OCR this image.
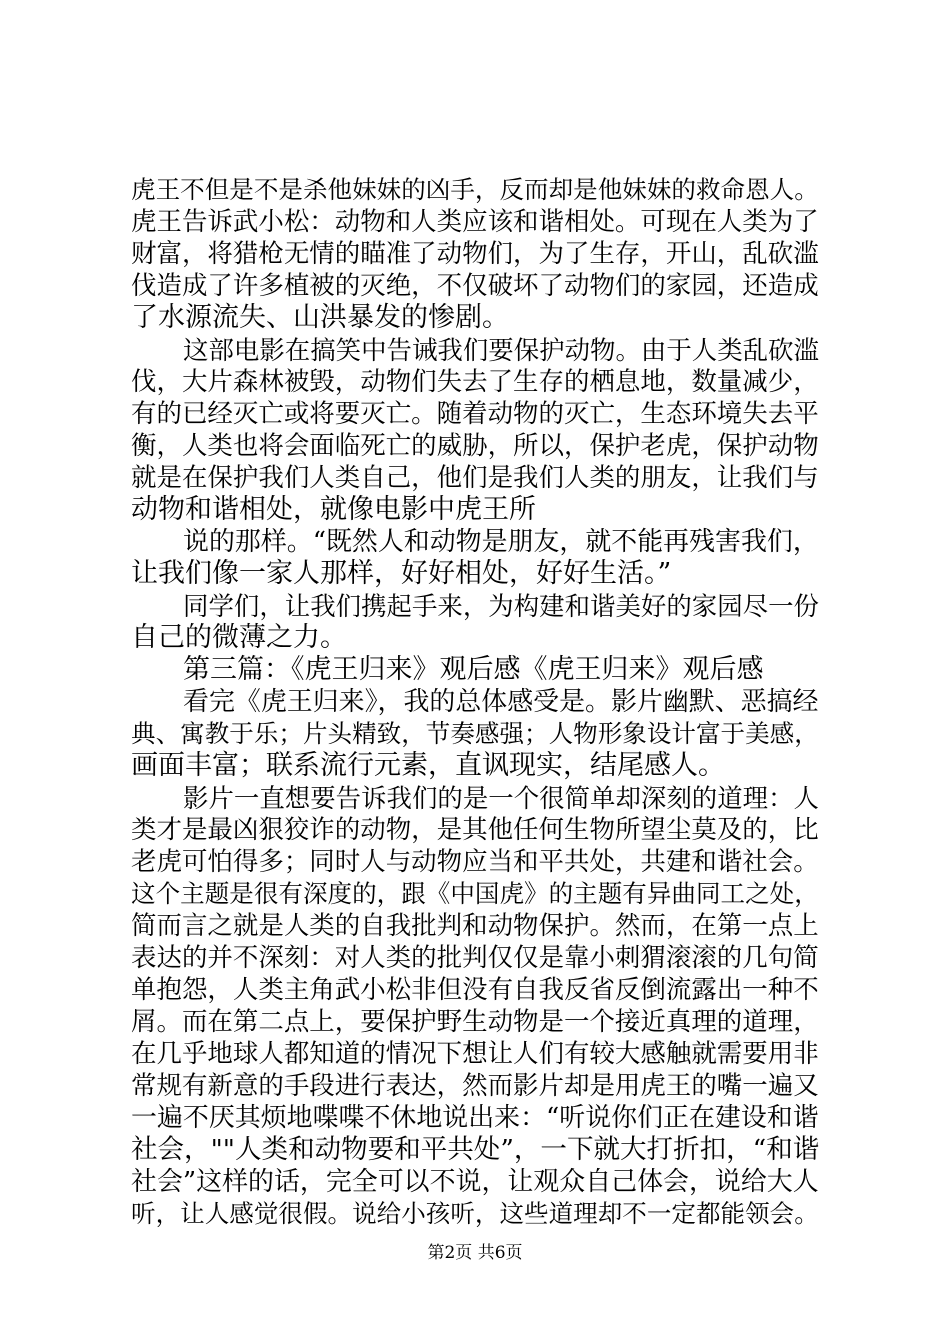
虎王不但是不是杀他妹妹的凶手，反而却是他妹妹的救命恩人。
虎王告诉武小松：动物和人类应该和谐相处。可现在人类为了
财富，将猎枪无情的瞄准了动物们，为了生存，开山，乱砍滥
伐造成了许多植被的灭绝，不仅破坏了动物们的家园，还造成
了水源流失、山洪暴发的惨剧。
这部电影在搞笑中告诫我们要保护动物。由于人类乱砍滥
伐，大片森林被毁，动物们失去了生存的栖息地，数量减少，
有的已经灭亡或将要灭亡。随着动物的灭亡，生态环境失去平
衡，人类也将会面临死亡的威胁，所以，保护老虎，保护动物
就是在保护我们人类自己，他们是我们人类的朋友，让我们与
动物和谐相处，就像电影中虎王所
说的那样。“既然人和动物是朋友，就不能再残害我们，
让我们像一家人那样，好好相处，好好生活。”
同学们，让我们携起手来，为构建和谐美好的家园尽一份
自己的微薄之力。
第三篇：《虎王归来》观后感《虎王归来》观后感
看完《虎王归来》，我的总体感受是。影片幽默、恶搞经
典、寓教于乐；片头精致，节奏感强；人物形象设计富于美感，
画面丰富；联系流行元素，直讽现实，结尾感人。
影片一直想要告诉我们的是一个很简单却深刻的道理：人
类才是最凶狠狡诈的动物，是其他任何生物所望尘莫及的，比
老虎可怕得多；同时人与动物应当和平共处，共建和谐社会。
这个主题是很有深度的，跟《中国虎》的主题有异曲同工之处，
简而言之就是人类的自我批判和动物保护。然而，在第一点上
表达的并不深刻：对人类的批判仅仅是靠小刺猬滚滚的几句简
单抱怨，人类主角武小松非但没有自我反省反倒流露出一种不
屑。而在第二点上，要保护野生动物是一个接近真理的道理，
在几乎地球人都知道的情况下想让人们有较大感触就需要用非
常规有新意的手段进行表达，然而影片却是用虎王的嘴一遍又
一遍不厌其烦地喋喋不休地说出来：“听说你们正在建设和谐
社会，""人类和动物要和平共处”，一下就大打折扣，“和谐
社会”这样的话，完全可以不说，让观众自己体会，说给大人
听，让人感觉很假。说给小孩听，这些道理却不一定都能领会。
第2页 共6页
